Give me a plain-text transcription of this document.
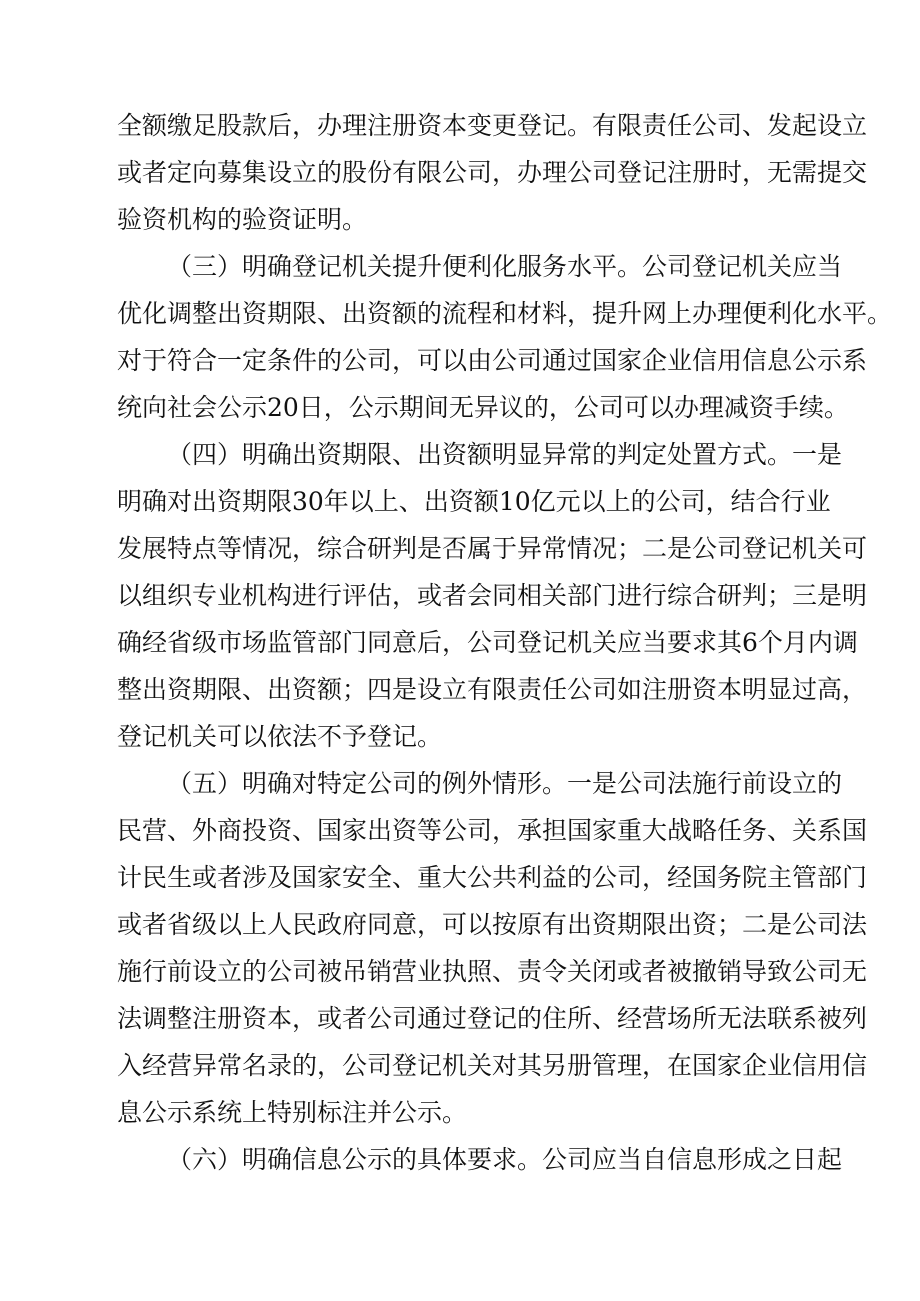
全额缴足股款后，办理注册资本变更登记。有限责任公司、发起设立

或者定向募集设立的股份有限公司，办理公司登记注册时，无需提交

验资机构的验资证明。

（三）明确登记机关提升便利化服务水平。公司登记机关应当

优化调整出资期限、出资额的流程和材料，提升网上办理便利化水平。

对于符合一定条件的公司，可以由公司通过国家企业信用信息公示系

统向社会公示20日，公示期间无异议的，公司可以办理减资手续。

（四）明确出资期限、出资额明显异常的判定处置方式。一是

明确对出资期限30年以上、出资额10亿元以上的公司，结合行业

发展特点等情况，综合研判是否属于异常情况；二是公司登记机关可

以组织专业机构进行评估，或者会同相关部门进行综合研判；三是明

确经省级市场监管部门同意后，公司登记机关应当要求其6个月内调

整出资期限、出资额；四是设立有限责任公司如注册资本明显过高，

登记机关可以依法不予登记。

（五）明确对特定公司的例外情形。一是公司法施行前设立的

民营、外商投资、国家出资等公司，承担国家重大战略任务、关系国

计民生或者涉及国家安全、重大公共利益的公司，经国务院主管部门

或者省级以上人民政府同意，可以按原有出资期限出资；二是公司法

施行前设立的公司被吊销营业执照、责令关闭或者被撤销导致公司无

法调整注册资本，或者公司通过登记的住所、经营场所无法联系被列

入经营异常名录的，公司登记机关对其另册管理，在国家企业信用信

息公示系统上特别标注并公示。

（六）明确信息公示的具体要求。公司应当自信息形成之日起
